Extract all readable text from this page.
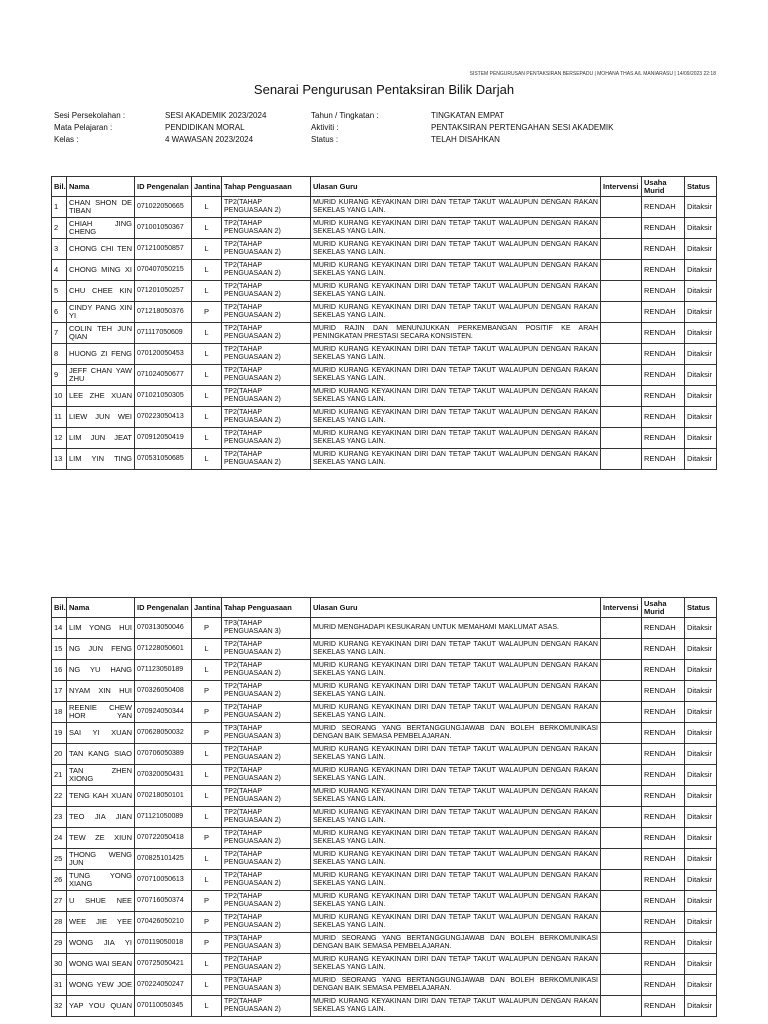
SISTEM PENGURUSAN PENTAKSIRAN BERSEPADU | MOHANA THAS A/L MANIARASU | 14/09/2023 22:18
Senarai Pengurusan Pentaksiran Bilik Darjah
Sesi Persekolahan :	SESI AKADEMIK 2023/2024
Mata Pelajaran :	PENDIDIKAN MORAL
Kelas :	4 WAWASAN 2023/2024
Tahun / Tingkatan :	TINGKATAN EMPAT
Aktiviti :	PENTAKSIRAN PERTENGAHAN SESI AKADEMIK
Status :	TELAH DISAHKAN
Bil.	Nama	ID Pengenalan	Jantina	Tahap Penguasaan	Ulasan Guru	Intervensi	Usaha Murid	Status
1	CHAN SHON DE TIBAN	071022050665	L	TP2(TAHAP PENGUASAAN 2)	MURID KURANG KEYAKINAN DIRI DAN TETAP TAKUT WALAUPUN DENGAN RAKAN SEKELAS YANG LAIN.		RENDAH	Ditaksir
2	CHIAH JING CHENG	071001050367	L	TP2(TAHAP PENGUASAAN 2)	MURID KURANG KEYAKINAN DIRI DAN TETAP TAKUT WALAUPUN DENGAN RAKAN SEKELAS YANG LAIN.		RENDAH	Ditaksir
3	CHONG CHI TEN	071210050857	L	TP2(TAHAP PENGUASAAN 2)	MURID KURANG KEYAKINAN DIRI DAN TETAP TAKUT WALAUPUN DENGAN RAKAN SEKELAS YANG LAIN.		RENDAH	Ditaksir
4	CHONG MING XI	070407050215	L	TP2(TAHAP PENGUASAAN 2)	MURID KURANG KEYAKINAN DIRI DAN TETAP TAKUT WALAUPUN DENGAN RAKAN SEKELAS YANG LAIN.		RENDAH	Ditaksir
5	CHU CHEE KIN	071201050257	L	TP2(TAHAP PENGUASAAN 2)	MURID KURANG KEYAKINAN DIRI DAN TETAP TAKUT WALAUPUN DENGAN RAKAN SEKELAS YANG LAIN.		RENDAH	Ditaksir
6	CINDY PANG XIN YI	071218050376	P	TP2(TAHAP PENGUASAAN 2)	MURID KURANG KEYAKINAN DIRI DAN TETAP TAKUT WALAUPUN DENGAN RAKAN SEKELAS YANG LAIN.		RENDAH	Ditaksir
7	COLIN TEH JUN QIAN	071117050609	L	TP2(TAHAP PENGUASAAN 2)	MURID RAJIN DAN MENUNJUKKAN PERKEMBANGAN POSITIF KE ARAH PENINGKATAN PRESTASI SECARA KONSISTEN.		RENDAH	Ditaksir
8	HUONG ZI FENG	070120050453	L	TP2(TAHAP PENGUASAAN 2)	MURID KURANG KEYAKINAN DIRI DAN TETAP TAKUT WALAUPUN DENGAN RAKAN SEKELAS YANG LAIN.		RENDAH	Ditaksir
9	JEFF CHAN YAW ZHU	071024050677	L	TP2(TAHAP PENGUASAAN 2)	MURID KURANG KEYAKINAN DIRI DAN TETAP TAKUT WALAUPUN DENGAN RAKAN SEKELAS YANG LAIN.		RENDAH	Ditaksir
10	LEE ZHE XUAN	071021050305	L	TP2(TAHAP PENGUASAAN 2)	MURID KURANG KEYAKINAN DIRI DAN TETAP TAKUT WALAUPUN DENGAN RAKAN SEKELAS YANG LAIN.		RENDAH	Ditaksir
11	LIEW JUN WEI	070223050413	L	TP2(TAHAP PENGUASAAN 2)	MURID KURANG KEYAKINAN DIRI DAN TETAP TAKUT WALAUPUN DENGAN RAKAN SEKELAS YANG LAIN.		RENDAH	Ditaksir
12	LIM JUN JEAT	070912050419	L	TP2(TAHAP PENGUASAAN 2)	MURID KURANG KEYAKINAN DIRI DAN TETAP TAKUT WALAUPUN DENGAN RAKAN SEKELAS YANG LAIN.		RENDAH	Ditaksir
13	LIM YIN TING	070531050685	L	TP2(TAHAP PENGUASAAN 2)	MURID KURANG KEYAKINAN DIRI DAN TETAP TAKUT WALAUPUN DENGAN RAKAN SEKELAS YANG LAIN.		RENDAH	Ditaksir
Bil.	Nama	ID Pengenalan	Jantina	Tahap Penguasaan	Ulasan Guru	Intervensi	Usaha Murid	Status
14	LIM YONG HUI	070313050046	P	TP3(TAHAP PENGUASAAN 3)	MURID MENGHADAPI KESUKARAN UNTUK MEMAHAMI MAKLUMAT ASAS.		RENDAH	Ditaksir
15	NG JUN FENG	071228050601	L	TP2(TAHAP PENGUASAAN 2)	MURID KURANG KEYAKINAN DIRI DAN TETAP TAKUT WALAUPUN DENGAN RAKAN SEKELAS YANG LAIN.		RENDAH	Ditaksir
16	NG YU HANG	071123050189	L	TP2(TAHAP PENGUASAAN 2)	MURID KURANG KEYAKINAN DIRI DAN TETAP TAKUT WALAUPUN DENGAN RAKAN SEKELAS YANG LAIN.		RENDAH	Ditaksir
17	NYAM XIN HUI	070326050408	P	TP2(TAHAP PENGUASAAN 2)	MURID KURANG KEYAKINAN DIRI DAN TETAP TAKUT WALAUPUN DENGAN RAKAN SEKELAS YANG LAIN.		RENDAH	Ditaksir
18	REENIE CHEW HOR YAN	070924050344	P	TP2(TAHAP PENGUASAAN 2)	MURID KURANG KEYAKINAN DIRI DAN TETAP TAKUT WALAUPUN DENGAN RAKAN SEKELAS YANG LAIN.		RENDAH	Ditaksir
19	SAI YI XUAN	070628050032	P	TP3(TAHAP PENGUASAAN 3)	MURID SEORANG YANG BERTANGGUNGJAWAB DAN BOLEH BERKOMUNIKASI DENGAN BAIK SEMASA PEMBELAJARAN.		RENDAH	Ditaksir
20	TAN KANG SIAO	070706050389	L	TP2(TAHAP PENGUASAAN 2)	MURID KURANG KEYAKINAN DIRI DAN TETAP TAKUT WALAUPUN DENGAN RAKAN SEKELAS YANG LAIN.		RENDAH	Ditaksir
21	TAN ZHEN XIONG	070320050431	L	TP2(TAHAP PENGUASAAN 2)	MURID KURANG KEYAKINAN DIRI DAN TETAP TAKUT WALAUPUN DENGAN RAKAN SEKELAS YANG LAIN.		RENDAH	Ditaksir
22	TENG KAH XUAN	070218050101	L	TP2(TAHAP PENGUASAAN 2)	MURID KURANG KEYAKINAN DIRI DAN TETAP TAKUT WALAUPUN DENGAN RAKAN SEKELAS YANG LAIN.		RENDAH	Ditaksir
23	TEO JIA JIAN	071121050089	L	TP2(TAHAP PENGUASAAN 2)	MURID KURANG KEYAKINAN DIRI DAN TETAP TAKUT WALAUPUN DENGAN RAKAN SEKELAS YANG LAIN.		RENDAH	Ditaksir
24	TEW ZE XIUN	070722050418	P	TP2(TAHAP PENGUASAAN 2)	MURID KURANG KEYAKINAN DIRI DAN TETAP TAKUT WALAUPUN DENGAN RAKAN SEKELAS YANG LAIN.		RENDAH	Ditaksir
25	THONG WENG JUN	070825101425	L	TP2(TAHAP PENGUASAAN 2)	MURID KURANG KEYAKINAN DIRI DAN TETAP TAKUT WALAUPUN DENGAN RAKAN SEKELAS YANG LAIN.		RENDAH	Ditaksir
26	TUNG YONG XIANG	070710050613	L	TP2(TAHAP PENGUASAAN 2)	MURID KURANG KEYAKINAN DIRI DAN TETAP TAKUT WALAUPUN DENGAN RAKAN SEKELAS YANG LAIN.		RENDAH	Ditaksir
27	U SHUE NEE	070716050374	P	TP2(TAHAP PENGUASAAN 2)	MURID KURANG KEYAKINAN DIRI DAN TETAP TAKUT WALAUPUN DENGAN RAKAN SEKELAS YANG LAIN.		RENDAH	Ditaksir
28	WEE JIE YEE	070426050210	P	TP2(TAHAP PENGUASAAN 2)	MURID KURANG KEYAKINAN DIRI DAN TETAP TAKUT WALAUPUN DENGAN RAKAN SEKELAS YANG LAIN.		RENDAH	Ditaksir
29	WONG JIA YI	070119050018	P	TP3(TAHAP PENGUASAAN 3)	MURID SEORANG YANG BERTANGGUNGJAWAB DAN BOLEH BERKOMUNIKASI DENGAN BAIK SEMASA PEMBELAJARAN.		RENDAH	Ditaksir
30	WONG WAI SEAN	070725050421	L	TP2(TAHAP PENGUASAAN 2)	MURID KURANG KEYAKINAN DIRI DAN TETAP TAKUT WALAUPUN DENGAN RAKAN SEKELAS YANG LAIN.		RENDAH	Ditaksir
31	WONG YEW JOE	070224050247	L	TP3(TAHAP PENGUASAAN 3)	MURID SEORANG YANG BERTANGGUNGJAWAB DAN BOLEH BERKOMUNIKASI DENGAN BAIK SEMASA PEMBELAJARAN.		RENDAH	Ditaksir
32	YAP YOU QUAN	070110050345	L	TP2(TAHAP PENGUASAAN 2)	MURID KURANG KEYAKINAN DIRI DAN TETAP TAKUT WALAUPUN DENGAN RAKAN SEKELAS YANG LAIN.		RENDAH	Ditaksir
